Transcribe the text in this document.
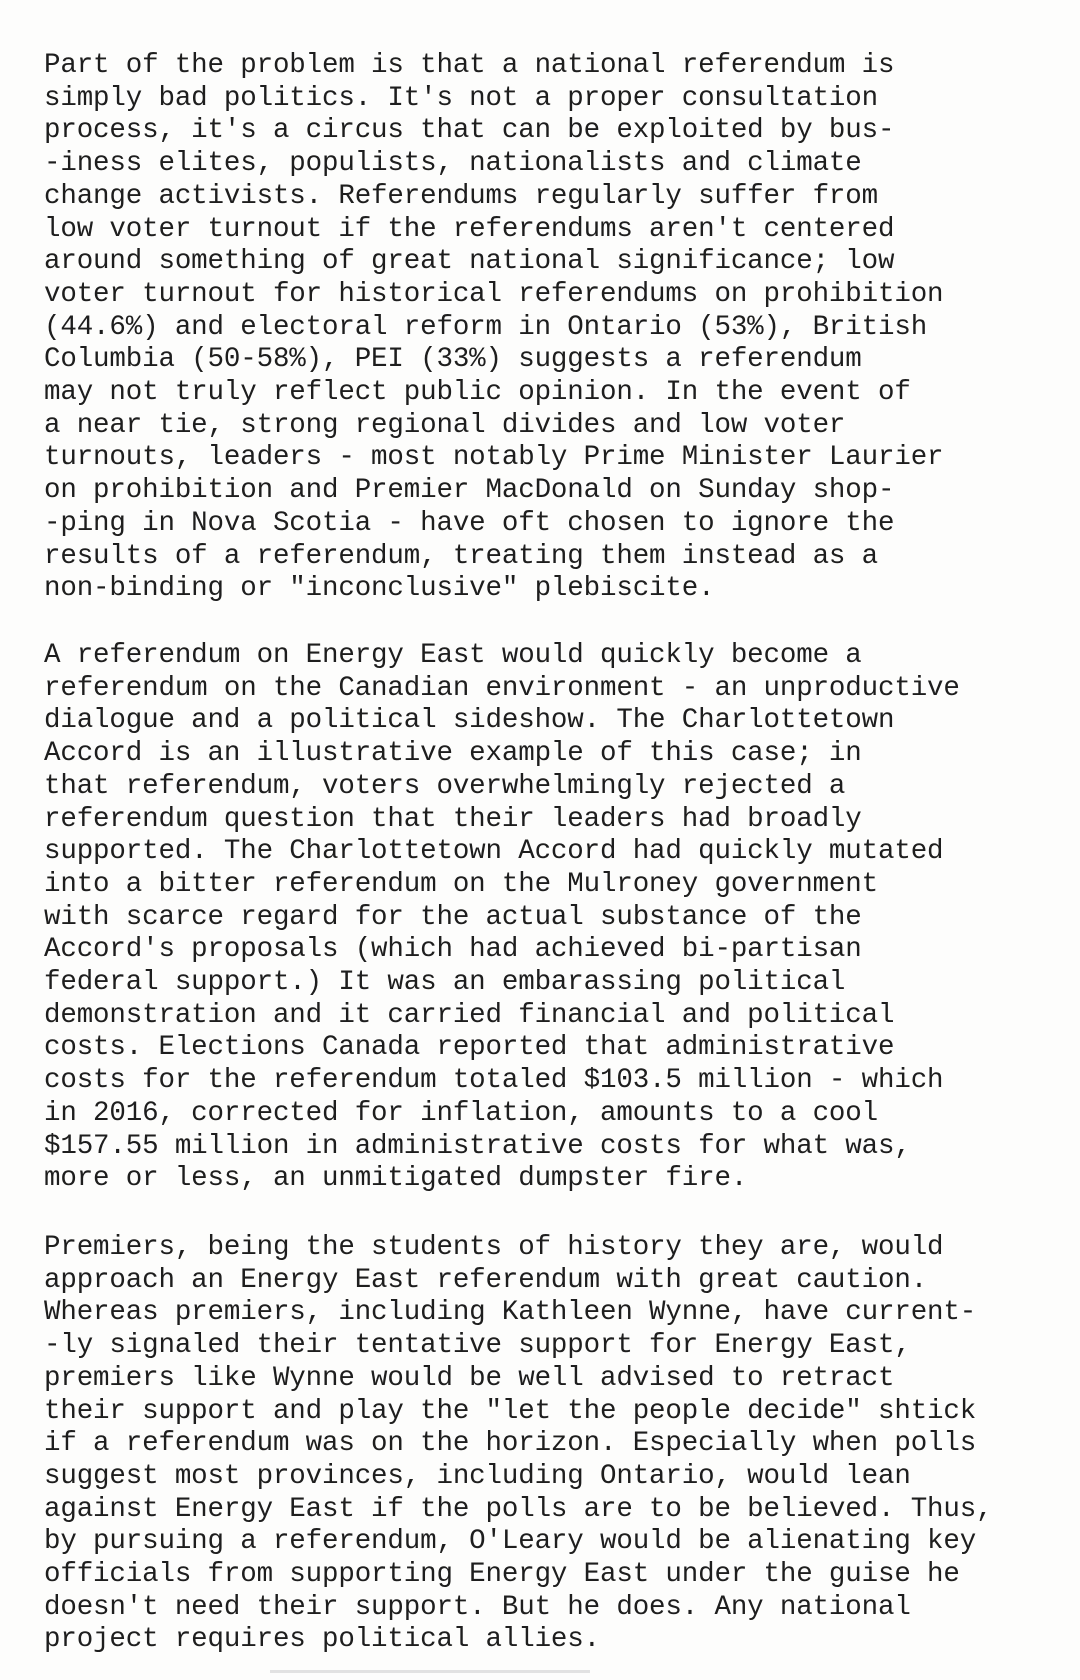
Part of the problem is that a national referendum is
simply bad politics. It's not a proper consultation
process, it's a circus that can be exploited by bus-
-iness elites, populists, nationalists and climate
change activists. Referendums regularly suffer from
low voter turnout if the referendums aren't centered
around something of great national significance; low
voter turnout for historical referendums on prohibition
(44.6%) and electoral reform in Ontario (53%), British
Columbia (50-58%), PEI (33%) suggests a referendum
may not truly reflect public opinion. In the event of
a near tie, strong regional divides and low voter
turnouts, leaders - most notably Prime Minister Laurier
on prohibition and Premier MacDonald on Sunday shop-
-ping in Nova Scotia - have oft chosen to ignore the
results of a referendum, treating them instead as a
non-binding or "inconclusive" plebiscite.
A referendum on Energy East would quickly become a
referendum on the Canadian environment - an unproductive
dialogue and a political sideshow. The Charlottetown
Accord is an illustrative example of this case; in
that referendum, voters overwhelmingly rejected a
referendum question that their leaders had broadly
supported. The Charlottetown Accord had quickly mutated
into a bitter referendum on the Mulroney government
with scarce regard for the actual substance of the
Accord's proposals (which had achieved bi-partisan
federal support.) It was an embarassing political
demonstration and it carried financial and political
costs. Elections Canada reported that administrative
costs for the referendum totaled $103.5 million - which
in 2016, corrected for inflation, amounts to a cool
$157.55 million in administrative costs for what was,
more or less, an unmitigated dumpster fire.
Premiers, being the students of history they are, would
approach an Energy East referendum with great caution.
Whereas premiers, including Kathleen Wynne, have current-
-ly signaled their tentative support for Energy East,
premiers like Wynne would be well advised to retract
their support and play the "let the people decide" shtick
if a referendum was on the horizon. Especially when polls
suggest most provinces, including Ontario, would lean
against Energy East if the polls are to be believed. Thus,
by pursuing a referendum, O'Leary would be alienating key
officials from supporting Energy East under the guise he
doesn't need their support. But he does. Any national
project requires political allies.
